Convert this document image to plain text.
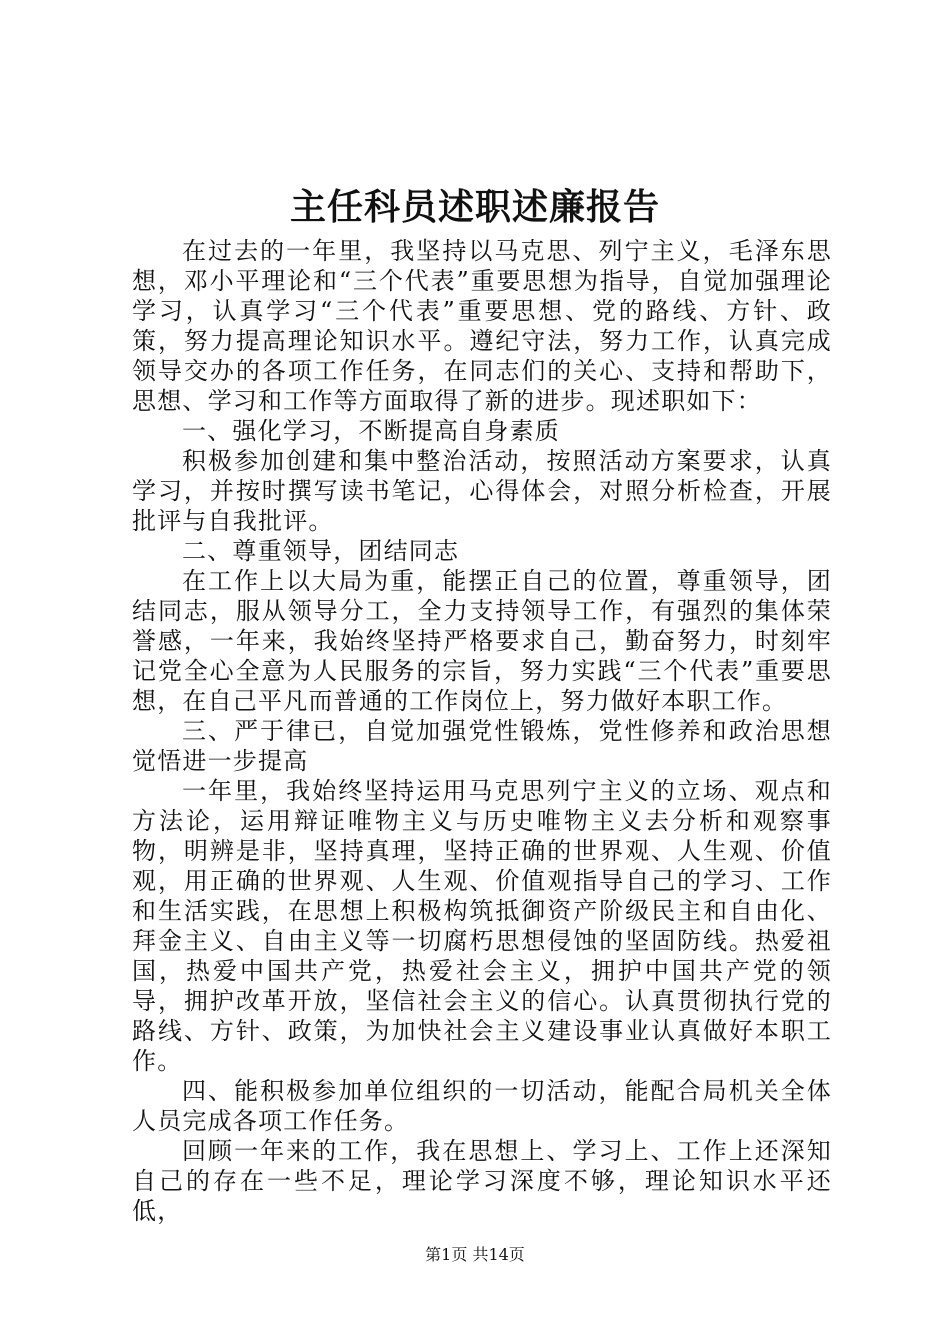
主任科员述职述廉报告

在过去的一年里，我坚持以马克思、列宁主义，毛泽东思想，邓小平理论和“三个代表”重要思想为指导，自觉加强理论学习，认真学习“三个代表”重要思想、党的路线、方针、政策，努力提高理论知识水平。遵纪守法，努力工作，认真完成领导交办的各项工作任务，在同志们的关心、支持和帮助下，思想、学习和工作等方面取得了新的进步。现述职如下：

一、强化学习，不断提高自身素质

积极参加创建和集中整治活动，按照活动方案要求，认真学习，并按时撰写读书笔记，心得体会，对照分析检查，开展批评与自我批评。

二、尊重领导，团结同志

在工作上以大局为重，能摆正自己的位置，尊重领导，团结同志，服从领导分工，全力支持领导工作，有强烈的集体荣誉感，一年来，我始终坚持严格要求自己，勤奋努力，时刻牢记党全心全意为人民服务的宗旨，努力实践“三个代表”重要思想，在自己平凡而普通的工作岗位上，努力做好本职工作。

三、严于律已，自觉加强党性锻炼，党性修养和政治思想觉悟进一步提高

一年里，我始终坚持运用马克思列宁主义的立场、观点和方法论，运用辩证唯物主义与历史唯物主义去分析和观察事物，明辨是非，坚持真理，坚持正确的世界观、人生观、价值观，用正确的世界观、人生观、价值观指导自己的学习、工作和生活实践，在思想上积极构筑抵御资产阶级民主和自由化、拜金主义、自由主义等一切腐朽思想侵蚀的坚固防线。热爱祖国，热爱中国共产党，热爱社会主义，拥护中国共产党的领导，拥护改革开放，坚信社会主义的信心。认真贯彻执行党的路线、方针、政策，为加快社会主义建设事业认真做好本职工作。

四、能积极参加单位组织的一切活动，能配合局机关全体人员完成各项工作任务。

回顾一年来的工作，我在思想上、学习上、工作上还深知自己的存在一些不足，理论学习深度不够，理论知识水平还低，

第1页 共14页
